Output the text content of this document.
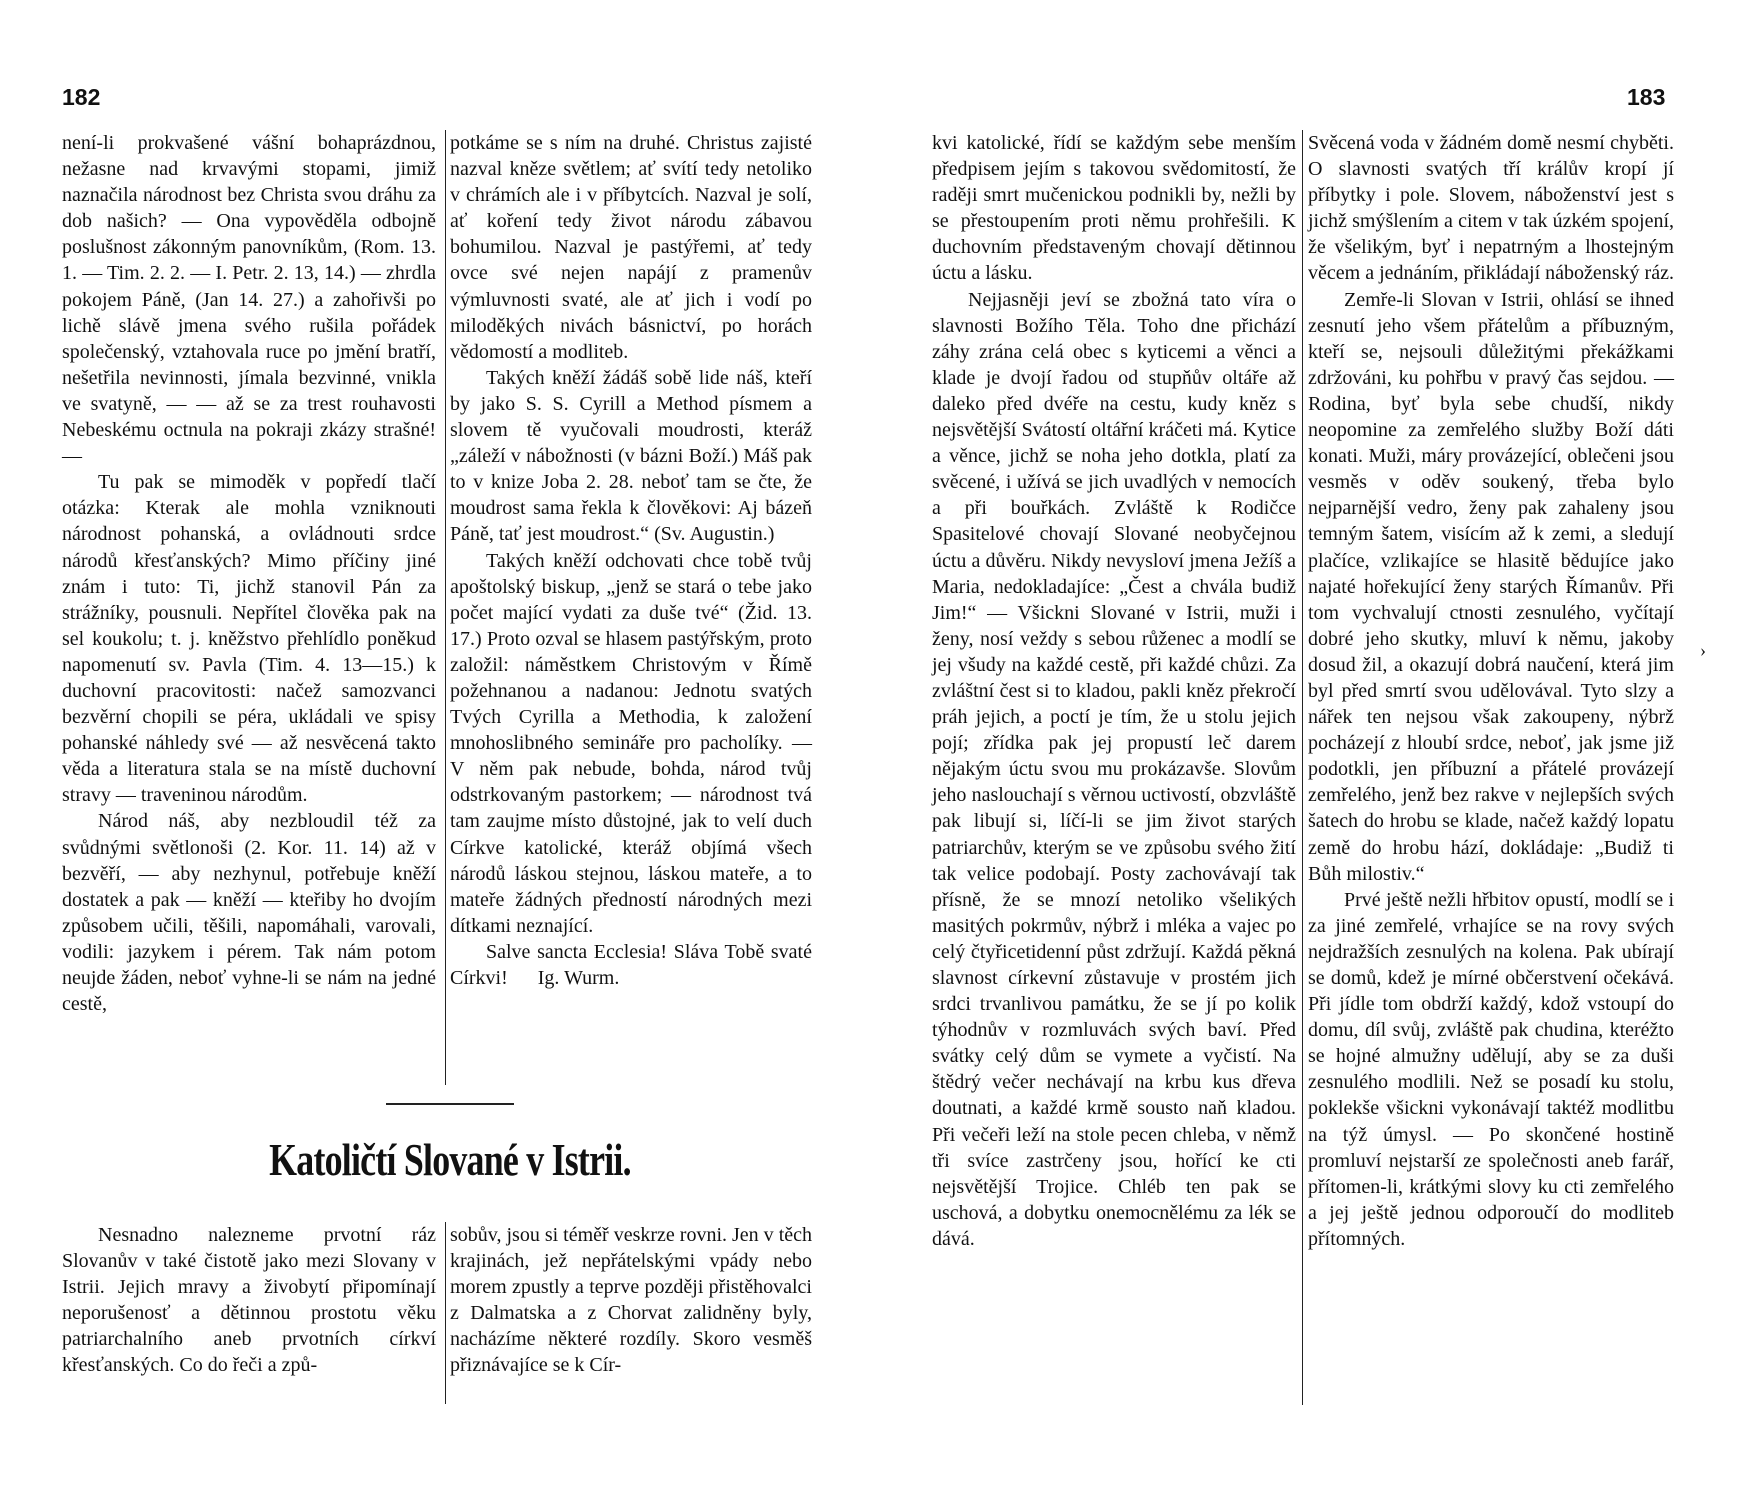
182	183

není-li prokvašené vášní bohaprázdnou, nežasne nad krvavými stopami, jimiž naznačila národnost bez Christa svou dráhu za dob našich? — Ona vypověděla odbojně poslušnost zákonným panovníkům, (Rom. 13. 1. — Tim. 2. 2. — I. Petr. 2. 13, 14.) — zhrdla pokojem Páně, (Jan 14. 27.) a zahořivši po lichě slávě jmena svého rušila pořádek společenský, vztahovala ruce po jmění bratří, nešetřila nevinnosti, jímala bezvinné, vnikla ve svatyně, — — až se za trest rouhavosti Nebeskému octnula na pokraji zkázy strašné! —

Tu pak se mimoděk v popředí tlačí otázka: Kterak ale mohla vzniknouti národnost pohanská, a ovládnouti srdce národů křesťanských? Mimo příčiny jiné znám i tuto: Ti, jichž stanovil Pán za strážníky, pousnuli. Nepřítel člověka pak na sel koukolu; t. j. kněžstvo přehlídlo poněkud napomenutí sv. Pavla (Tim. 4. 13—15.) k duchovní pracovitosti: načež samozvanci bezvěrní chopili se péra, ukládali ve spisy pohanské náhledy své — až nesvěcená takto věda a literatura stala se na místě duchovní stravy — traveninou národům.

Národ náš, aby nezbloudil též za svůdnými světlonoši (2. Kor. 11. 14) až v bezvěří, — aby nezhynul, potřebuje kněží dostatek a pak — kněží — kteřiby ho dvojím způsobem učili, těšili, napomáhali, varovali, vodili: jazykem i pérem. Tak nám potom neujde žáden, neboť vyhne-li se nám na jedné cestě,

potkáme se s ním na druhé. Christus zajisté nazval kněze světlem; ať svítí tedy netoliko v chrámích ale i v příbytcích. Nazval je solí, ať koření tedy život národu zábavou bohumilou. Nazval je pastýřemi, ať tedy ovce své nejen napájí z pramenův výmluvnosti svaté, ale ať jich i vodí po miloděkých nivách básnictví, po horách vědomostí a modliteb.

Takých kněží žádáš sobě lide náš, kteří by jako S. S. Cyrill a Method písmem a slovem tě vyučovali moudrosti, kteráž „záleží v nábožnosti (v bázni Boží.) Máš pak to v knize Joba 2. 28. neboť tam se čte, že moudrost sama řekla k člověkovi: Aj bázeň Páně, tať jest moudrost.“ (Sv. Augustin.)

Takých kněží odchovati chce tobě tvůj apoštolský biskup, „jenž se stará o tebe jako počet mající vydati za duše tvé“ (Žid. 13. 17.) Proto ozval se hlasem pastýřským, proto založil: náměstkem Christovým v Římě požehnanou a nadanou: Jednotu svatých Tvých Cyrilla a Methodia, k založení mnohoslibného semináře pro pacholíky. — V něm pak nebude, bohda, národ tvůj odstrkovaným pastorkem; — národnost tvá tam zaujme místo důstojné, jak to velí duch Církve katolické, kteráž objímá všech národů láskou stejnou, láskou mateře, a to mateře žádných předností národných mezi dítkami neznající.

Salve sancta Ecclesia! Sláva Tobě svaté Církvi!      Ig. Wurm.

Katoličtí Slované v Istrii.

Nesnadno nalezneme prvotní ráz Slovanův v také čistotě jako mezi Slovany v Istrii. Jejich mravy a živobytí připomínají neporušenosť a dětinnou prostotu věku patriarchalního aneb prvotních církví křesťanských. Co do řeči a způ-

sobův, jsou si téměř veskrze rovni. Jen v těch krajinách, jež nepřátelskými vpády nebo morem zpustly a teprve později přistěhovalci z Dalmatska a z Chorvat zalidněny byly, nacházíme některé rozdíly. Skoro vesměš přiznávajíce se k Cír-

kvi katolické, řídí se každým sebe menším předpisem jejím s takovou svědomitostí, že raději smrt mučenickou podnikli by, nežli by se přestoupením proti němu prohřešili. K duchovním představeným chovají dětinnou úctu a lásku.

Nejjasněji jeví se zbožná tato víra o slavnosti Božího Těla. Toho dne přichází záhy zrána celá obec s kyticemi a věnci a klade je dvojí řadou od stupňův oltáře až daleko před dvéře na cestu, kudy kněz s nejsvětější Svátostí oltářní kráčeti má. Kytice a věnce, jichž se noha jeho dotkla, platí za svěcené, i užívá se jich uvadlých v nemocích a při bouřkách. Zvláště k Rodičce Spasitelové chovají Slované neobyčejnou úctu a důvěru. Nikdy nevysloví jmena Ježíš a Maria, nedokladajíce: „Čest a chvála budiž Jim!“ — Všickni Slované v Istrii, muži i ženy, nosí veždy s sebou růženec a modlí se jej všudy na každé cestě, při každé chůzi. Za zvláštní čest si to kladou, pakli kněz překročí práh jejich, a poctí je tím, že u stolu jejich pojí; zřídka pak jej propustí leč darem nějakým úctu svou mu prokázavše. Slovům jeho naslouchají s věrnou uctivostí, obzvláště pak libují si, líčí-li se jim život starých patriarchův, kterým se ve způsobu svého žití tak velice podobají. Posty zachovávají tak přísně, že se mnozí netoliko všelikých masitých pokrmův, nýbrž i mléka a vajec po celý čtyřicetidenní půst zdržují. Každá pěkná slavnost církevní zůstavuje v prostém jich srdci trvanlivou památku, že se jí po kolik týhodnův v rozmluvách svých baví. Před svátky celý dům se vymete a vyčistí. Na štědrý večer nechávají na krbu kus dřeva doutnati, a každé krmě sousto naň kladou. Při večeři leží na stole pecen chleba, v němž tři svíce zastrčeny jsou, hořící ke cti nejsvětější Trojice. Chléb ten pak se uschová, a dobytku onemocnělému za lék se dává.

Svěcená voda v žádném domě nesmí chyběti. O slavnosti svatých tří králův kropí jí příbytky i pole. Slovem, náboženství jest s jichž smýšlením a citem v tak úzkém spojení, že všelikým, byť i nepatrným a lhostejným věcem a jednáním, přikládají náboženský ráz.

Zemře-li Slovan v Istrii, ohlásí se ihned zesnutí jeho všem přátelům a příbuzným, kteří se, nejsouli důležitými překážkami zdržováni, ku pohřbu v pravý čas sejdou. — Rodina, byť byla sebe chudší, nikdy neopomine za zemřelého služby Boží dáti konati. Muži, máry provázející, oblečeni jsou vesměs v oděv soukený, třeba bylo nejparnější vedro, ženy pak zahaleny jsou temným šatem, visícím až k zemi, a sledují plačíce, vzlikajíce se hlasitě bědujíce jako najaté hořekující ženy starých Římanův. Při tom vychvalují ctnosti zesnulého, vyčítají dobré jeho skutky, mluví k němu, jakoby dosud žil, a okazují dobrá naučení, která jim byl před smrtí svou udělovával. Tyto slzy a nářek ten nejsou však zakoupeny, nýbrž pocházejí z hloubí srdce, neboť, jak jsme již podotkli, jen příbuzní a přátelé provázejí zemřelého, jenž bez rakve v nejlepších svých šatech do hrobu se klade, načež každý lopatu země do hrobu hází, dokládaje: „Budiž ti Bůh milostiv.“

Prvé ještě nežli hřbitov opustí, modlí se i za jiné zemřelé, vrhajíce se na rovy svých nejdražších zesnulých na kolena. Pak ubírají se domů, kdež je mírné občerstvení očekává. Při jídle tom obdrží každý, kdož vstoupí do domu, díl svůj, zvláště pak chudina, kteréžto se hojné almužny udělují, aby se za duši zesnulého modlili. Než se posadí ku stolu, poklekše všickni vykonávají taktéž modlitbu na týž úmysl. — Po skončené hostině promluví nejstarší ze společnosti aneb farář, přítomen-li, krátkými slovy ku cti zemřelého a jej ještě jednou odporoučí do modliteb přítomných.

›
